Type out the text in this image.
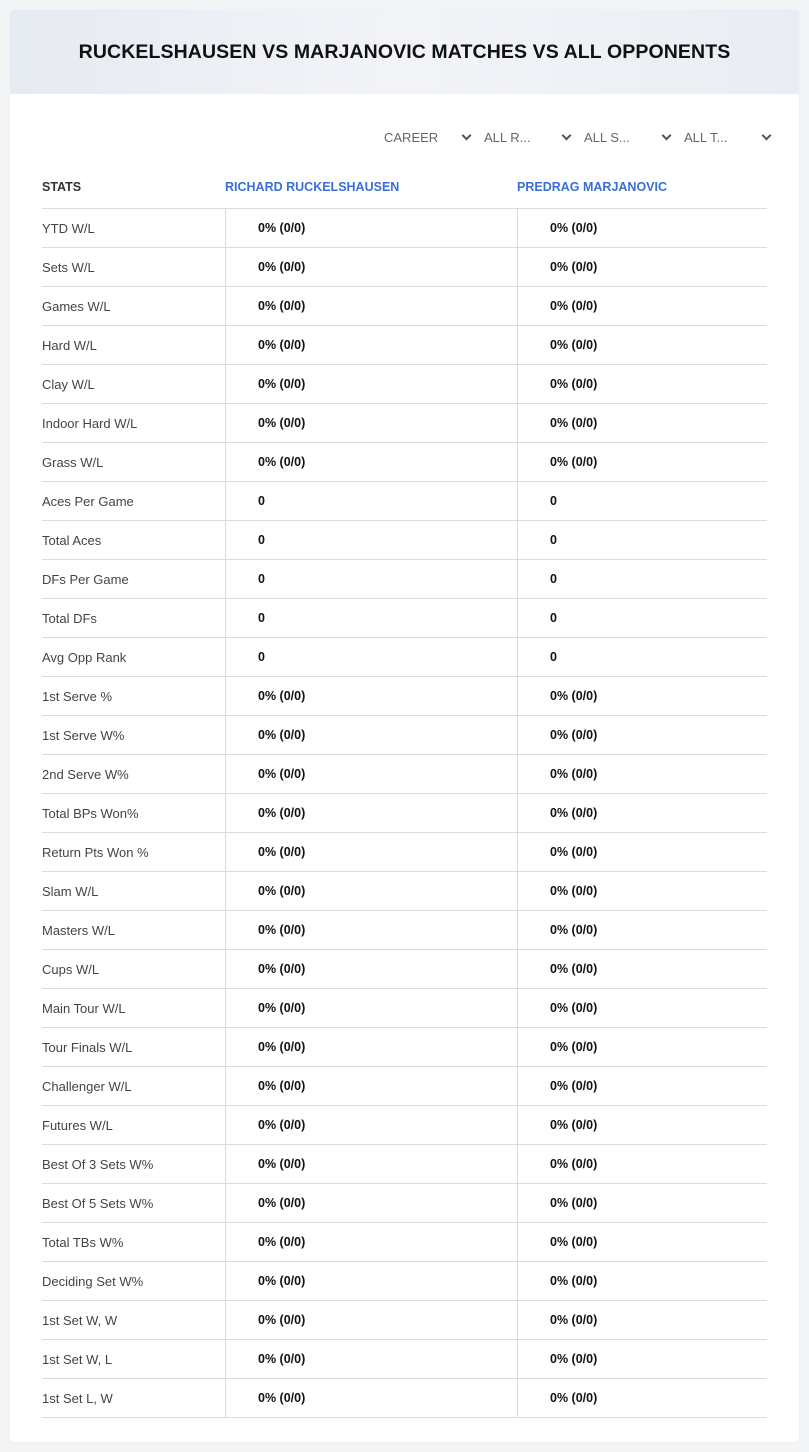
RUCKELSHAUSEN VS MARJANOVIC MATCHES VS ALL OPPONENTS
CAREER	ALL R...	ALL S...	ALL T...
STATS	RICHARD RUCKELSHAUSEN	PREDRAG MARJANOVIC
YTD W/L	0% (0/0)	0% (0/0)
Sets W/L	0% (0/0)	0% (0/0)
Games W/L	0% (0/0)	0% (0/0)
Hard W/L	0% (0/0)	0% (0/0)
Clay W/L	0% (0/0)	0% (0/0)
Indoor Hard W/L	0% (0/0)	0% (0/0)
Grass W/L	0% (0/0)	0% (0/0)
Aces Per Game	0	0
Total Aces	0	0
DFs Per Game	0	0
Total DFs	0	0
Avg Opp Rank	0	0
1st Serve %	0% (0/0)	0% (0/0)
1st Serve W%	0% (0/0)	0% (0/0)
2nd Serve W%	0% (0/0)	0% (0/0)
Total BPs Won%	0% (0/0)	0% (0/0)
Return Pts Won %	0% (0/0)	0% (0/0)
Slam W/L	0% (0/0)	0% (0/0)
Masters W/L	0% (0/0)	0% (0/0)
Cups W/L	0% (0/0)	0% (0/0)
Main Tour W/L	0% (0/0)	0% (0/0)
Tour Finals W/L	0% (0/0)	0% (0/0)
Challenger W/L	0% (0/0)	0% (0/0)
Futures W/L	0% (0/0)	0% (0/0)
Best Of 3 Sets W%	0% (0/0)	0% (0/0)
Best Of 5 Sets W%	0% (0/0)	0% (0/0)
Total TBs W%	0% (0/0)	0% (0/0)
Deciding Set W%	0% (0/0)	0% (0/0)
1st Set W, W	0% (0/0)	0% (0/0)
1st Set W, L	0% (0/0)	0% (0/0)
1st Set L, W	0% (0/0)	0% (0/0)
